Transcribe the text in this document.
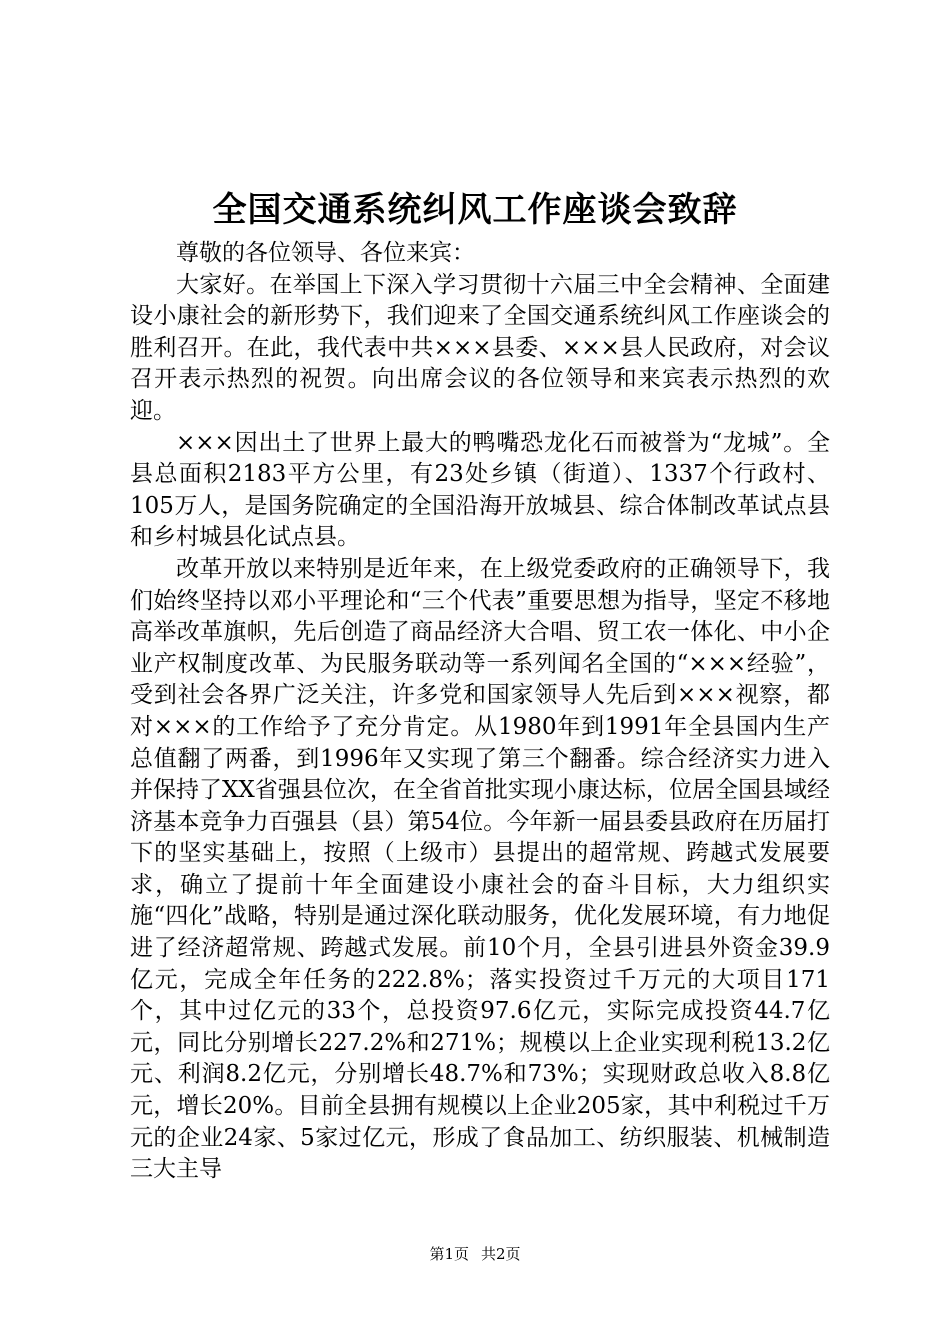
全国交通系统纠风工作座谈会致辞

尊敬的各位领导、各位来宾：

大家好。在举国上下深入学习贯彻十六届三中全会精神、全面建设小康社会的新形势下，我们迎来了全国交通系统纠风工作座谈会的胜利召开。在此，我代表中共×××县委、×××县人民政府，对会议召开表示热烈的祝贺。向出席会议的各位领导和来宾表示热烈的欢迎。

×××因出土了世界上最大的鸭嘴恐龙化石而被誉为“龙城”。全县总面积2183平方公里，有23处乡镇（街道）、1337个行政村、105万人，是国务院确定的全国沿海开放城县、综合体制改革试点县和乡村城县化试点县。

改革开放以来特别是近年来，在上级党委政府的正确领导下，我们始终坚持以邓小平理论和“三个代表”重要思想为指导，坚定不移地高举改革旗帜，先后创造了商品经济大合唱、贸工农一体化、中小企业产权制度改革、为民服务联动等一系列闻名全国的“×××经验”，受到社会各界广泛关注，许多党和国家领导人先后到×××视察，都对×××的工作给予了充分肯定。从1980年到1991年全县国内生产总值翻了两番，到1996年又实现了第三个翻番。综合经济实力进入并保持了XX省强县位次，在全省首批实现小康达标，位居全国县域经济基本竞争力百强县（县）第54位。今年新一届县委县政府在历届打下的坚实基础上，按照（上级市）县提出的超常规、跨越式发展要求，确立了提前十年全面建设小康社会的奋斗目标，大力组织实施“四化”战略，特别是通过深化联动服务，优化发展环境，有力地促进了经济超常规、跨越式发展。前10个月，全县引进县外资金39.9亿元，完成全年任务的222.8%；落实投资过千万元的大项目171个，其中过亿元的33个，总投资97.6亿元，实际完成投资44.7亿元，同比分别增长227.2%和271%；规模以上企业实现利税13.2亿元、利润8.2亿元，分别增长48.7%和73%；实现财政总收入8.8亿元，增长20%。目前全县拥有规模以上企业205家，其中利税过千万元的企业24家、5家过亿元，形成了食品加工、纺织服装、机械制造三大主导

第1页 共2页
